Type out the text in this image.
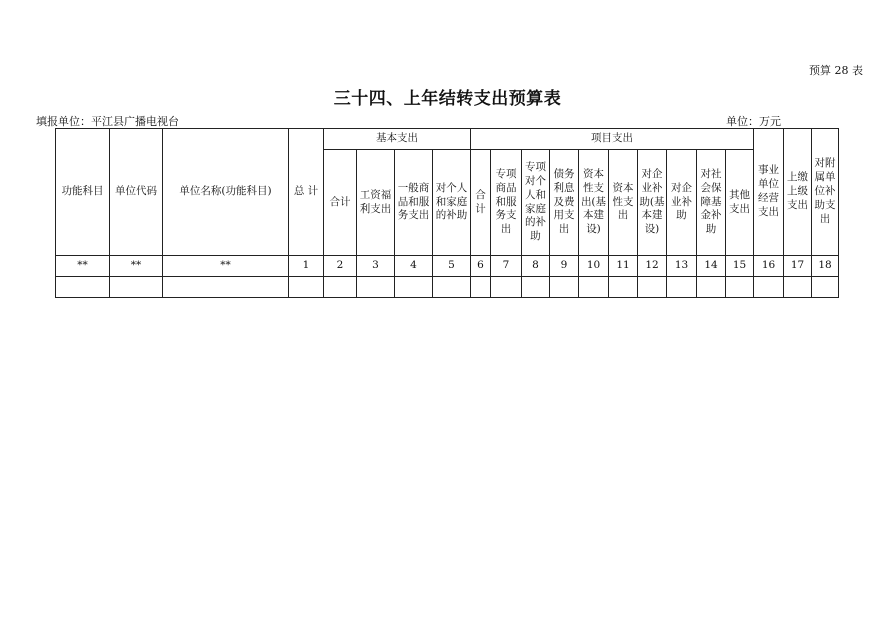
预算 28 表
三十四、上年结转支出预算表
填报单位：平江县广播电视台	单位：万元
功能科目	单位代码	单位名称(功能科目)	总 计	基本支出				项目支出										事业单位经营支出	上缴上级支出	对附属单位补助支出
				合计	工资福利支出	一般商品和服务支出	对个人和家庭的补助	合计	专项商品和服务支出	专项对个人和家庭的补助	债务利息及费用支出	资本性支出(基本建设)	资本性支出	对企业补助(基本建设)	对企业补助	对社会保障基金补助	其他支出			
**	**	**	1	2	3	4	5	6	7	8	9	10	11	12	13	14	15	16	17	18
